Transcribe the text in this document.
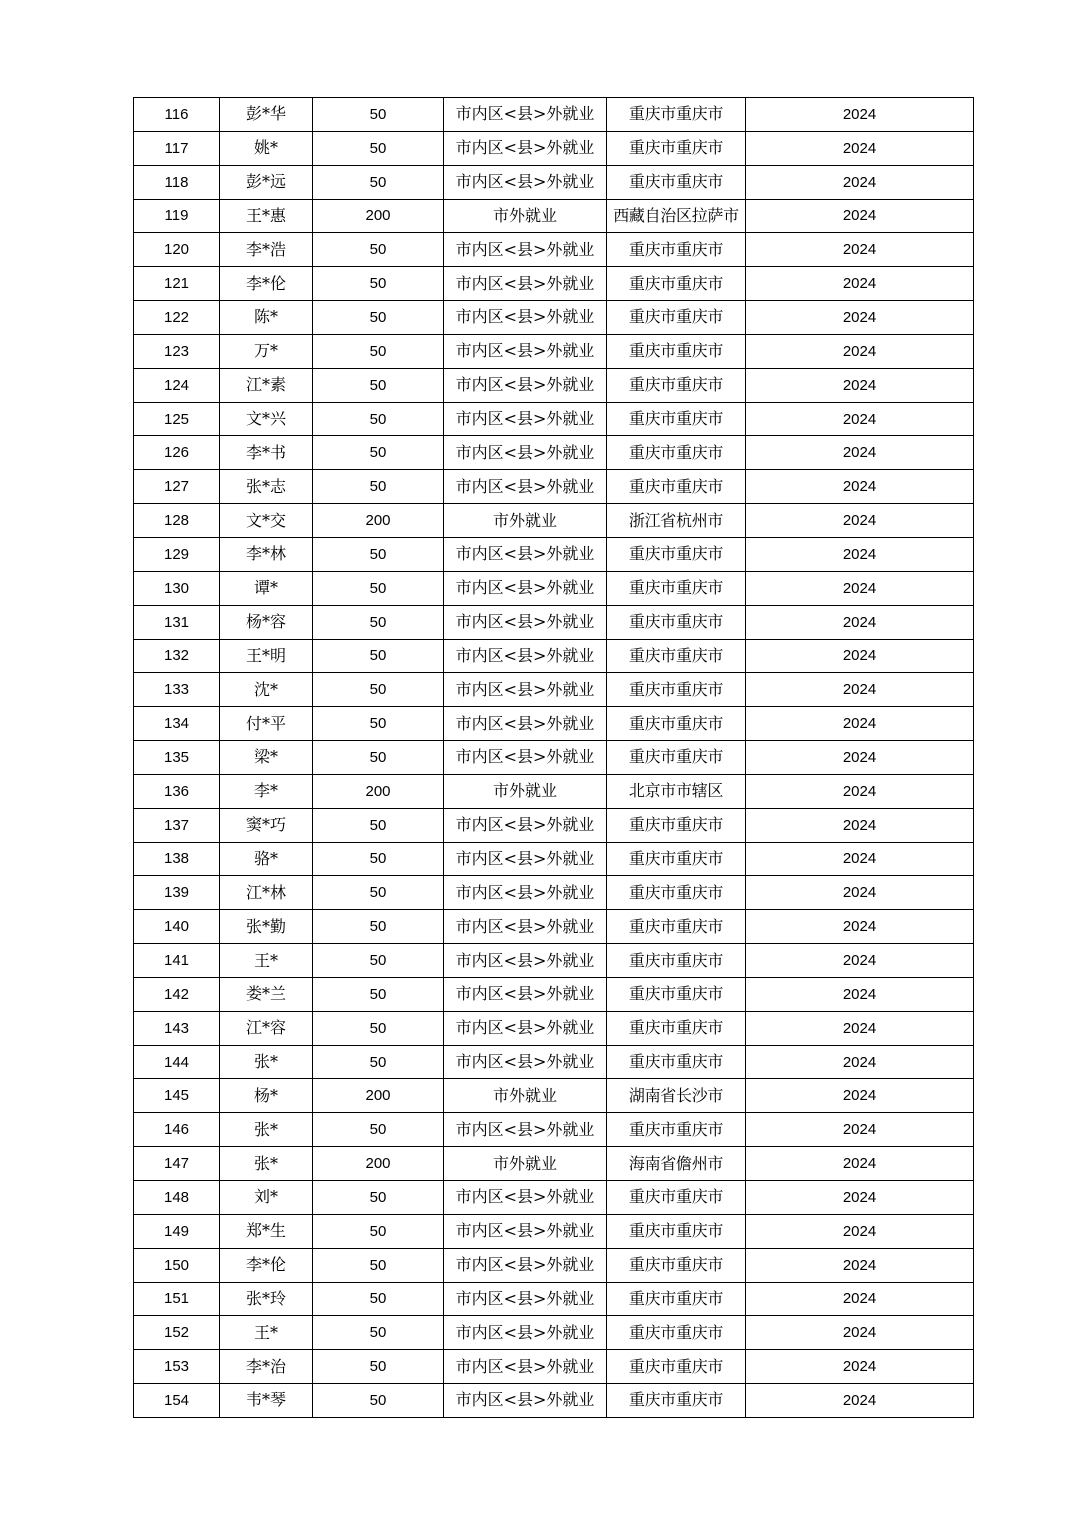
116	彭*华	50	市内区<县>外就业	重庆市重庆市	2024
117	姚*	50	市内区<县>外就业	重庆市重庆市	2024
118	彭*远	50	市内区<县>外就业	重庆市重庆市	2024
119	王*惠	200	市外就业	西藏自治区拉萨市	2024
120	李*浩	50	市内区<县>外就业	重庆市重庆市	2024
121	李*伦	50	市内区<县>外就业	重庆市重庆市	2024
122	陈*	50	市内区<县>外就业	重庆市重庆市	2024
123	万*	50	市内区<县>外就业	重庆市重庆市	2024
124	江*素	50	市内区<县>外就业	重庆市重庆市	2024
125	文*兴	50	市内区<县>外就业	重庆市重庆市	2024
126	李*书	50	市内区<县>外就业	重庆市重庆市	2024
127	张*志	50	市内区<县>外就业	重庆市重庆市	2024
128	文*交	200	市外就业	浙江省杭州市	2024
129	李*林	50	市内区<县>外就业	重庆市重庆市	2024
130	谭*	50	市内区<县>外就业	重庆市重庆市	2024
131	杨*容	50	市内区<县>外就业	重庆市重庆市	2024
132	王*明	50	市内区<县>外就业	重庆市重庆市	2024
133	沈*	50	市内区<县>外就业	重庆市重庆市	2024
134	付*平	50	市内区<县>外就业	重庆市重庆市	2024
135	梁*	50	市内区<县>外就业	重庆市重庆市	2024
136	李*	200	市外就业	北京市市辖区	2024
137	窦*巧	50	市内区<县>外就业	重庆市重庆市	2024
138	骆*	50	市内区<县>外就业	重庆市重庆市	2024
139	江*林	50	市内区<县>外就业	重庆市重庆市	2024
140	张*勤	50	市内区<县>外就业	重庆市重庆市	2024
141	王*	50	市内区<县>外就业	重庆市重庆市	2024
142	娄*兰	50	市内区<县>外就业	重庆市重庆市	2024
143	江*容	50	市内区<县>外就业	重庆市重庆市	2024
144	张*	50	市内区<县>外就业	重庆市重庆市	2024
145	杨*	200	市外就业	湖南省长沙市	2024
146	张*	50	市内区<县>外就业	重庆市重庆市	2024
147	张*	200	市外就业	海南省儋州市	2024
148	刘*	50	市内区<县>外就业	重庆市重庆市	2024
149	郑*生	50	市内区<县>外就业	重庆市重庆市	2024
150	李*伦	50	市内区<县>外就业	重庆市重庆市	2024
151	张*玲	50	市内区<县>外就业	重庆市重庆市	2024
152	王*	50	市内区<县>外就业	重庆市重庆市	2024
153	李*治	50	市内区<县>外就业	重庆市重庆市	2024
154	韦*琴	50	市内区<县>外就业	重庆市重庆市	2024
